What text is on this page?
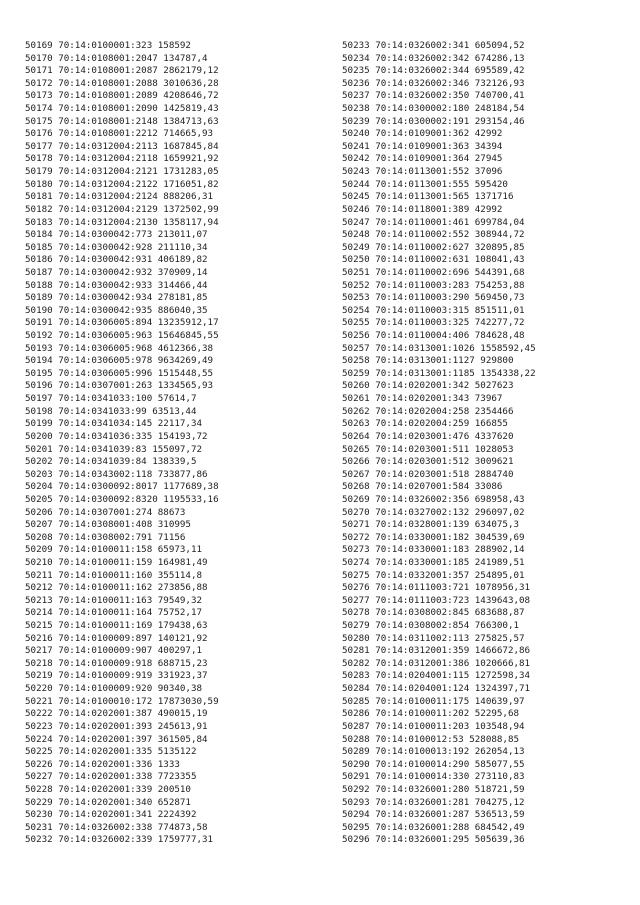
50169 70:14:0100001:323 158592
50170 70:14:0108001:2047 134787,4
50171 70:14:0108001:2087 2862179,12
50172 70:14:0108001:2088 3010636,28
50173 70:14:0108001:2089 4208646,72
50174 70:14:0108001:2090 1425819,43
50175 70:14:0108001:2148 1384713,63
50176 70:14:0108001:2212 714665,93
50177 70:14:0312004:2113 1687845,84
50178 70:14:0312004:2118 1659921,92
50179 70:14:0312004:2121 1731283,05
50180 70:14:0312004:2122 1716051,82
50181 70:14:0312004:2124 888206,31
50182 70:14:0312004:2129 1372502,99
50183 70:14:0312004:2130 1358117,94
50184 70:14:0300042:773 213011,07
50185 70:14:0300042:928 211110,34
50186 70:14:0300042:931 406189,82
50187 70:14:0300042:932 370909,14
50188 70:14:0300042:933 314466,44
50189 70:14:0300042:934 278181,85
50190 70:14:0300042:935 886040,35
50191 70:14:0306005:894 13235912,17
50192 70:14:0306005:963 15646845,55
50193 70:14:0306005:968 4612366,38
50194 70:14:0306005:978 9634269,49
50195 70:14:0306005:996 1515448,55
50196 70:14:0307001:263 1334565,93
50197 70:14:0341033:100 57614,7
50198 70:14:0341033:99 63513,44
50199 70:14:0341034:145 22117,34
50200 70:14:0341036:335 154193,72
50201 70:14:0341039:83 155097,72
50202 70:14:0341039:84 138339,5
50203 70:14:0343002:118 733877,86
50204 70:14:0300092:8017 1177689,38
50205 70:14:0300092:8320 1195533,16
50206 70:14:0307001:274 88673
50207 70:14:0308001:408 310995
50208 70:14:0308002:791 71156
50209 70:14:0100011:158 65973,11
50210 70:14:0100011:159 164981,49
50211 70:14:0100011:160 355114,8
50212 70:14:0100011:162 273856,88
50213 70:14:0100011:163 79549,32
50214 70:14:0100011:164 75752,17
50215 70:14:0100011:169 179438,63
50216 70:14:0100009:897 140121,92
50217 70:14:0100009:907 400297,1
50218 70:14:0100009:918 688715,23
50219 70:14:0100009:919 331923,37
50220 70:14:0100009:920 90340,38
50221 70:14:0100010:172 17873030,59
50222 70:14:0202001:387 490015,19
50223 70:14:0202001:393 245613,91
50224 70:14:0202001:397 361505,84
50225 70:14:0202001:335 5135122
50226 70:14:0202001:336 1333
50227 70:14:0202001:338 7723355
50228 70:14:0202001:339 200510
50229 70:14:0202001:340 652871
50230 70:14:0202001:341 2224392
50231 70:14:0326002:338 774873,58
50232 70:14:0326002:339 1759777,31
50233 70:14:0326002:341 605094,52
50234 70:14:0326002:342 674286,13
50235 70:14:0326002:344 695589,42
50236 70:14:0326002:346 732126,93
50237 70:14:0326002:350 740700,41
50238 70:14:0300002:180 248184,54
50239 70:14:0300002:191 293154,46
50240 70:14:0109001:362 42992
50241 70:14:0109001:363 34394
50242 70:14:0109001:364 27945
50243 70:14:0113001:552 37096
50244 70:14:0113001:555 595420
50245 70:14:0113001:565 1371716
50246 70:14:0118001:389 42992
50247 70:14:0110001:461 699784,04
50248 70:14:0110002:552 308944,72
50249 70:14:0110002:627 320895,85
50250 70:14:0110002:631 108041,43
50251 70:14:0110002:696 544391,68
50252 70:14:0110003:283 754253,88
50253 70:14:0110003:290 569450,73
50254 70:14:0110003:315 851511,01
50255 70:14:0110003:325 742277,72
50256 70:14:0110004:406 784628,48
50257 70:14:0313001:1026 1558592,45
50258 70:14:0313001:1127 929800
50259 70:14:0313001:1185 1354338,22
50260 70:14:0202001:342 5027623
50261 70:14:0202001:343 73967
50262 70:14:0202004:258 2354466
50263 70:14:0202004:259 166855
50264 70:14:0203001:476 4337620
50265 70:14:0203001:511 1028053
50266 70:14:0203001:512 3009621
50267 70:14:0203001:518 2884740
50268 70:14:0207001:584 33086
50269 70:14:0326002:356 698958,43
50270 70:14:0327002:132 296097,02
50271 70:14:0328001:139 634075,3
50272 70:14:0330001:182 304539,69
50273 70:14:0330001:183 288902,14
50274 70:14:0330001:185 241989,51
50275 70:14:0332001:357 254895,01
50276 70:14:0111003:721 1078956,31
50277 70:14:0111003:723 1439643,08
50278 70:14:0308002:845 683688,87
50279 70:14:0308002:854 766300,1
50280 70:14:0311002:113 275825,57
50281 70:14:0312001:359 1466672,86
50282 70:14:0312001:386 1020666,81
50283 70:14:0204001:115 1272598,34
50284 70:14:0204001:124 1324397,71
50285 70:14:0100011:175 140639,97
50286 70:14:0100011:202 52295,68
50287 70:14:0100011:203 103548,94
50288 70:14:0100012:53 528088,85
50289 70:14:0100013:192 262054,13
50290 70:14:0100014:290 585077,55
50291 70:14:0100014:330 273110,83
50292 70:14:0326001:280 518721,59
50293 70:14:0326001:281 704275,12
50294 70:14:0326001:287 536513,59
50295 70:14:0326001:288 684542,49
50296 70:14:0326001:295 505639,36
